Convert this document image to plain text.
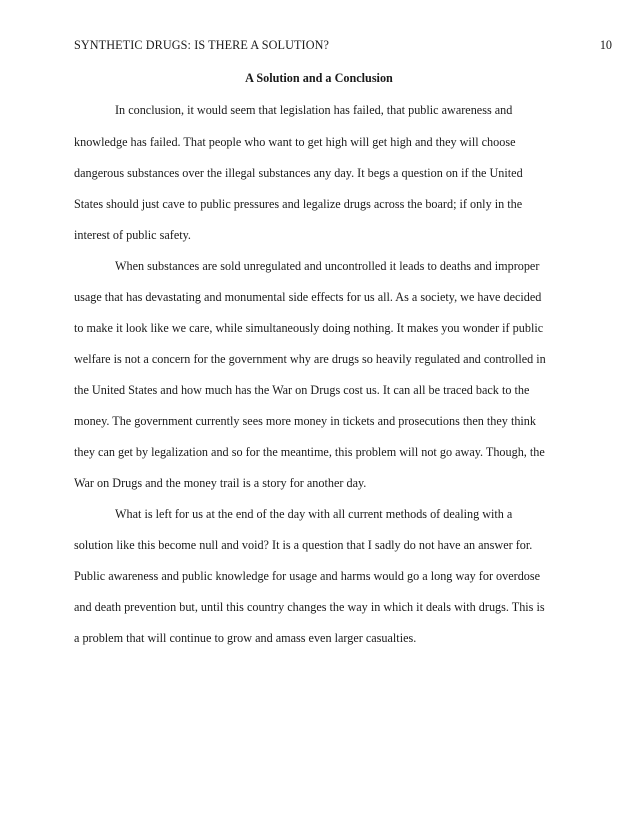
SYNTHETIC DRUGS: IS THERE A SOLUTION?	10
A Solution and a Conclusion
In conclusion, it would seem that legislation has failed, that public awareness and
knowledge has failed. That people who want to get high will get high and they will choose
dangerous substances over the illegal substances any day. It begs a question on if the United
States should just cave to public pressures and legalize drugs across the board; if only in the
interest of public safety.
When substances are sold unregulated and uncontrolled it leads to deaths and improper
usage that has devastating and monumental side effects for us all. As a society, we have decided
to make it look like we care, while simultaneously doing nothing. It makes you wonder if public
welfare is not a concern for the government why are drugs so heavily regulated and controlled in
the United States and how much has the War on Drugs cost us. It can all be traced back to the
money. The government currently sees more money in tickets and prosecutions then they think
they can get by legalization and so for the meantime, this problem will not go away. Though, the
War on Drugs and the money trail is a story for another day.
What is left for us at the end of the day with all current methods of dealing with a
solution like this become null and void? It is a question that I sadly do not have an answer for.
Public awareness and public knowledge for usage and harms would go a long way for overdose
and death prevention but, until this country changes the way in which it deals with drugs. This is
a problem that will continue to grow and amass even larger casualties.
